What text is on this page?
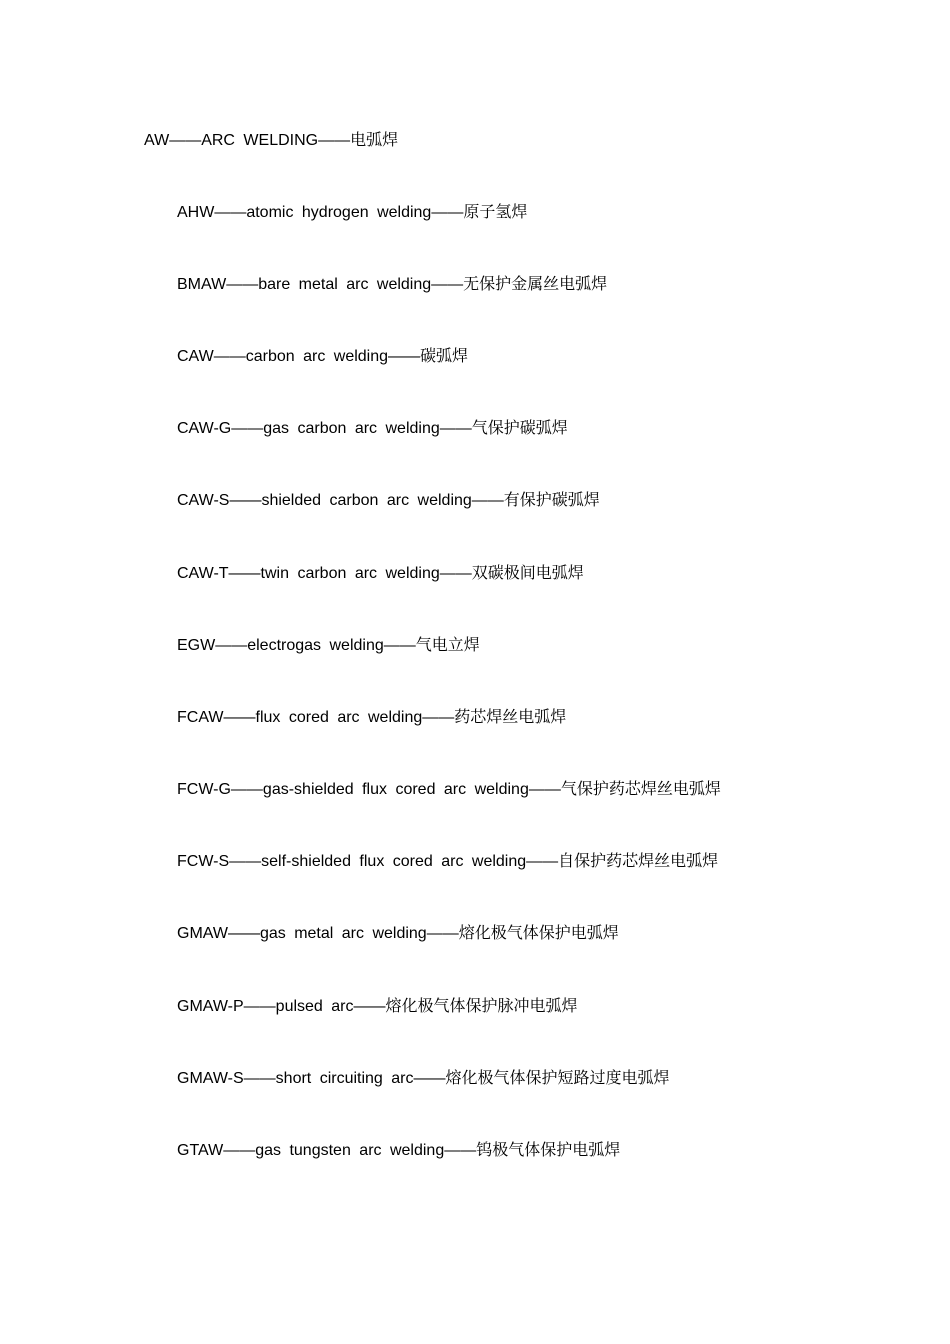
AW——ARC WELDING——电弧焊
AHW——atomic hydrogen welding——原子氢焊
BMAW——bare metal arc welding——无保护金属丝电弧焊
CAW——carbon arc welding——碳弧焊
CAW-G——gas carbon arc welding——气保护碳弧焊
CAW-S——shielded carbon arc welding——有保护碳弧焊
CAW-T——twin carbon arc welding——双碳极间电弧焊
EGW——electrogas welding——气电立焊
FCAW——flux cored arc welding——药芯焊丝电弧焊
FCW-G——gas-shielded flux cored arc welding——气保护药芯焊丝电弧焊
FCW-S——self-shielded flux cored arc welding——自保护药芯焊丝电弧焊
GMAW——gas metal arc welding——熔化极气体保护电弧焊
GMAW-P——pulsed arc——熔化极气体保护脉冲电弧焊
GMAW-S——short circuiting arc——熔化极气体保护短路过度电弧焊
GTAW——gas tungsten arc welding——钨极气体保护电弧焊
